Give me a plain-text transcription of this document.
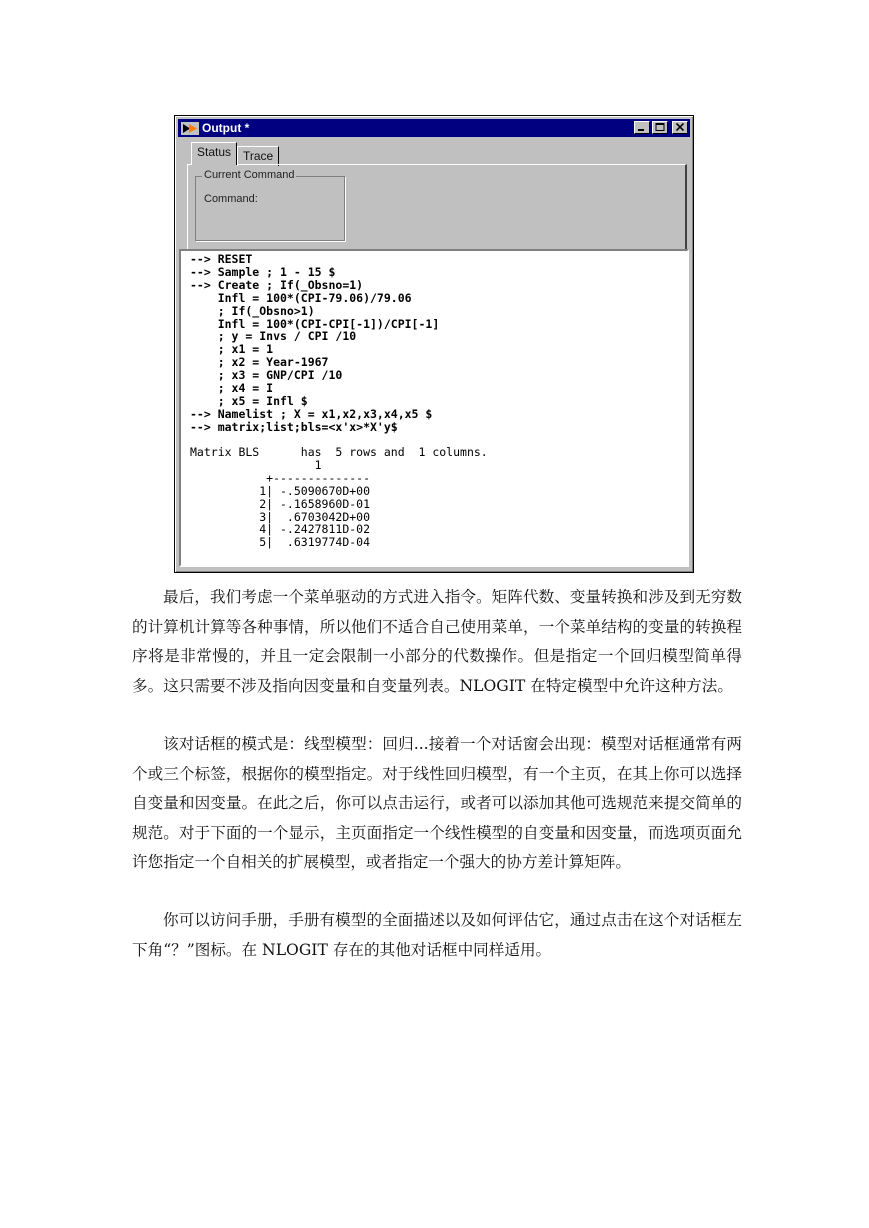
Output *
Status Trace
Current Command
Command:
--> RESET
--> Sample ; 1 - 15 $
--> Create ; If(_Obsno=1)
Infl = 100*(CPI-79.06)/79.06
; If(_Obsno>1)
Infl = 100*(CPI-CPI[-1])/CPI[-1]
; y = Invs / CPI /10
; x1 = 1
; x2 = Year-1967
; x3 = GNP/CPI /10
; x4 = I
; x5 = Infl $
--> Namelist ; X = x1,x2,x3,x4,x5 $
--> matrix;list;bls=<x'x>*X'y$

Matrix BLS      has  5 rows and  1 columns.
1
+--------------
1| -.5090670D+00
2| -.1658960D-01
3|  .6703042D+00
4| -.2427811D-02
5|  .6319774D-04

最后，我们考虑一个菜单驱动的方式进入指令。矩阵代数、变量转换和涉及到无穷数的计算机计算等各种事情，所以他们不适合自己使用菜单，一个菜单结构的变量的转换程序将是非常慢的，并且一定会限制一小部分的代数操作。但是指定一个回归模型简单得多。这只需要不涉及指向因变量和自变量列表。NLOGIT 在特定模型中允许这种方法。

该对话框的模式是：线型模型：回归...接着一个对话窗会出现：模型对话框通常有两个或三个标签，根据你的模型指定。对于线性回归模型，有一个主页，在其上你可以选择自变量和因变量。在此之后，你可以点击运行，或者可以添加其他可选规范来提交简单的规范。对于下面的一个显示，主页面指定一个线性模型的自变量和因变量，而选项页面允许您指定一个自相关的扩展模型，或者指定一个强大的协方差计算矩阵。

你可以访问手册，手册有模型的全面描述以及如何评估它，通过点击在这个对话框左下角“？”图标。在 NLOGIT 存在的其他对话框中同样适用。
